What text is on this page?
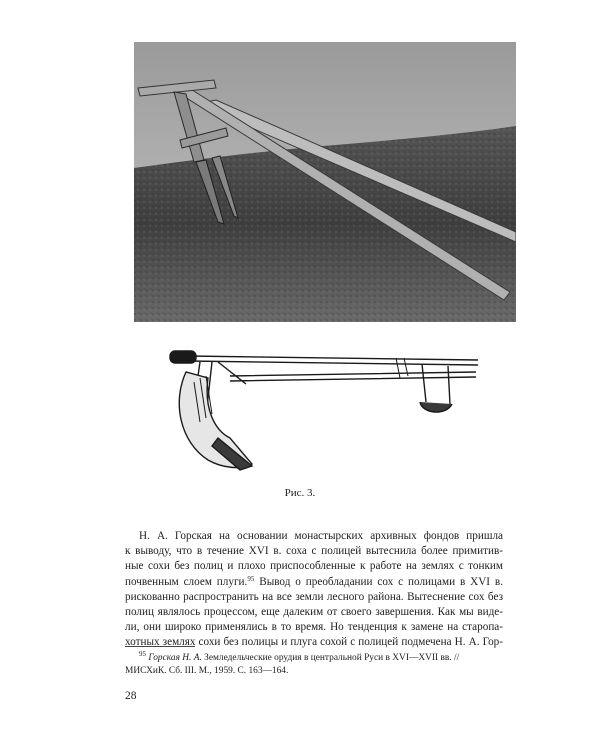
Рис. 3.

Н. А. Горская на основании монастырских архивных фондов пришла
к выводу, что в течение XVI в. соха с полицей вытеснила более примитив-
ные сохи без полиц и плохо приспособленные к работе на землях с тонким
почвенным слоем плуги.$^{95}$ Вывод о преобладании сох с полицами в XVI в.
рискованно распространить на все земли лесного района. Вытеснение сох без
полиц являлось процессом, еще далеким от своего завершения. Как мы виде-
ли, они широко применялись в то время. Но тенденция к замене на старопа-
хотных землях сохи без полицы и плуга сохой с полицей подмечена Н. А. Гор-

$^{95}$ Горская Н. А. Земледельческие орудия в центральной Руси в XVI—XVII вв. //
МИСХиК. Сб. III. М., 1959. С. 163—164.
28
